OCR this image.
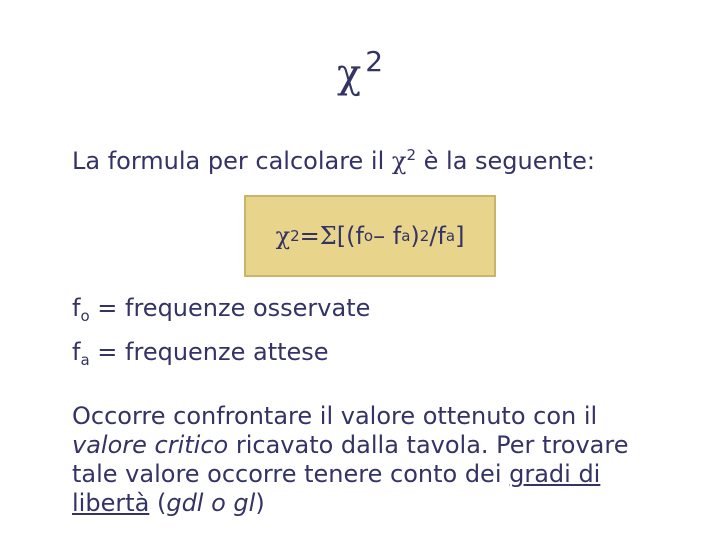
χ $^2$
La formula per calcolare il $\chi^2$ è la seguente:
χ 2 = Σ [(f o – f a ) 2 /f a ]
$f_o$ = frequenze osservate
$f_a$ = frequenze attese
Occorre confrontare il valore ottenuto con il valore critico ricavato dalla tavola. Per trovare tale valore occorre tenere conto dei gradi di libertà (gdl o gl)
